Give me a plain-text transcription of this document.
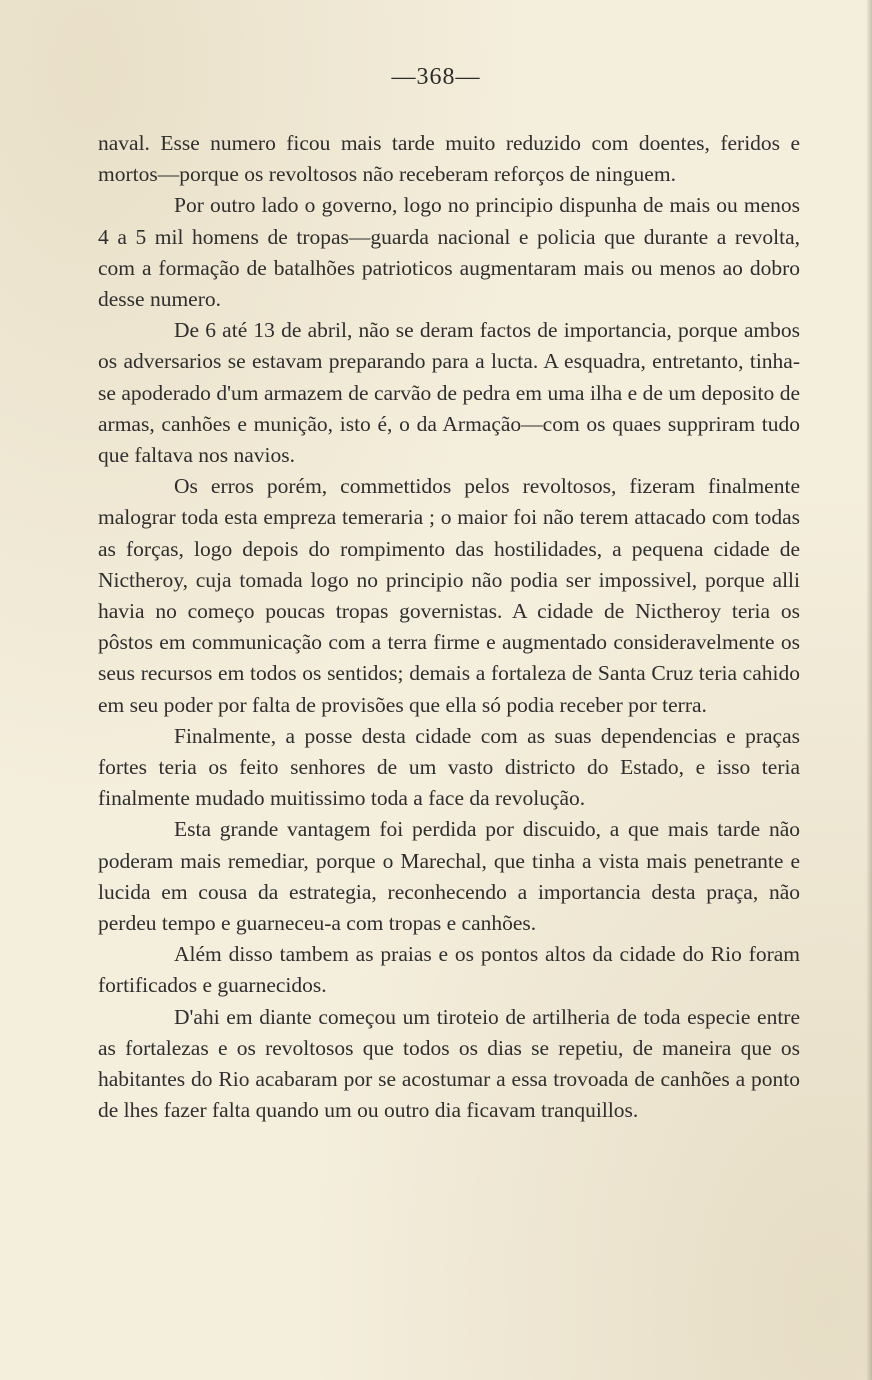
—368—

naval. Esse numero ficou mais tarde muito reduzido com doentes, feridos e mortos—porque os revoltosos não receberam reforços de ninguem.

Por outro lado o governo, logo no principio dispunha de mais ou menos 4 a 5 mil homens de tropas—guarda nacional e policia que durante a revolta, com a formação de batalhões patrioticos augmentaram mais ou menos ao dobro desse numero.

De 6 até 13 de abril, não se deram factos de importancia, porque ambos os adversarios se estavam preparando para a lucta. A esquadra, entretanto, tinha-se apoderado d'um armazem de carvão de pedra em uma ilha e de um deposito de armas, canhões e munição, isto é, o da Armação—com os quaes suppriram tudo que faltava nos navios.

Os erros porém, commettidos pelos revoltosos, fizeram finalmente malograr toda esta empreza temeraria ; o maior foi não terem attacado com todas as forças, logo depois do rompimento das hostilidades, a pequena cidade de Nictheroy, cuja tomada logo no principio não podia ser impossivel, porque alli havia no começo poucas tropas governistas. A cidade de Nictheroy teria os pôstos em communicação com a terra firme e augmentado consideravelmente os seus recursos em todos os sentidos; demais a fortaleza de Santa Cruz teria cahido em seu poder por falta de provisões que ella só podia receber por terra.

Finalmente, a posse desta cidade com as suas dependencias e praças fortes teria os feito senhores de um vasto districto do Estado, e isso teria finalmente mudado muitissimo toda a face da revolução.

Esta grande vantagem foi perdida por discuido, a que mais tarde não poderam mais remediar, porque o Marechal, que tinha a vista mais penetrante e lucida em cousa da estrategia, reconhecendo a importancia desta praça, não perdeu tempo e guarneceu-a com tropas e canhões.

Além disso tambem as praias e os pontos altos da cidade do Rio foram fortificados e guarnecidos.

D'ahi em diante começou um tiroteio de artilheria de toda especie entre as fortalezas e os revoltosos que todos os dias se repetiu, de maneira que os habitantes do Rio acabaram por se acostumar a essa trovoada de canhões a ponto de lhes fazer falta quando um ou outro dia ficavam tranquillos.
